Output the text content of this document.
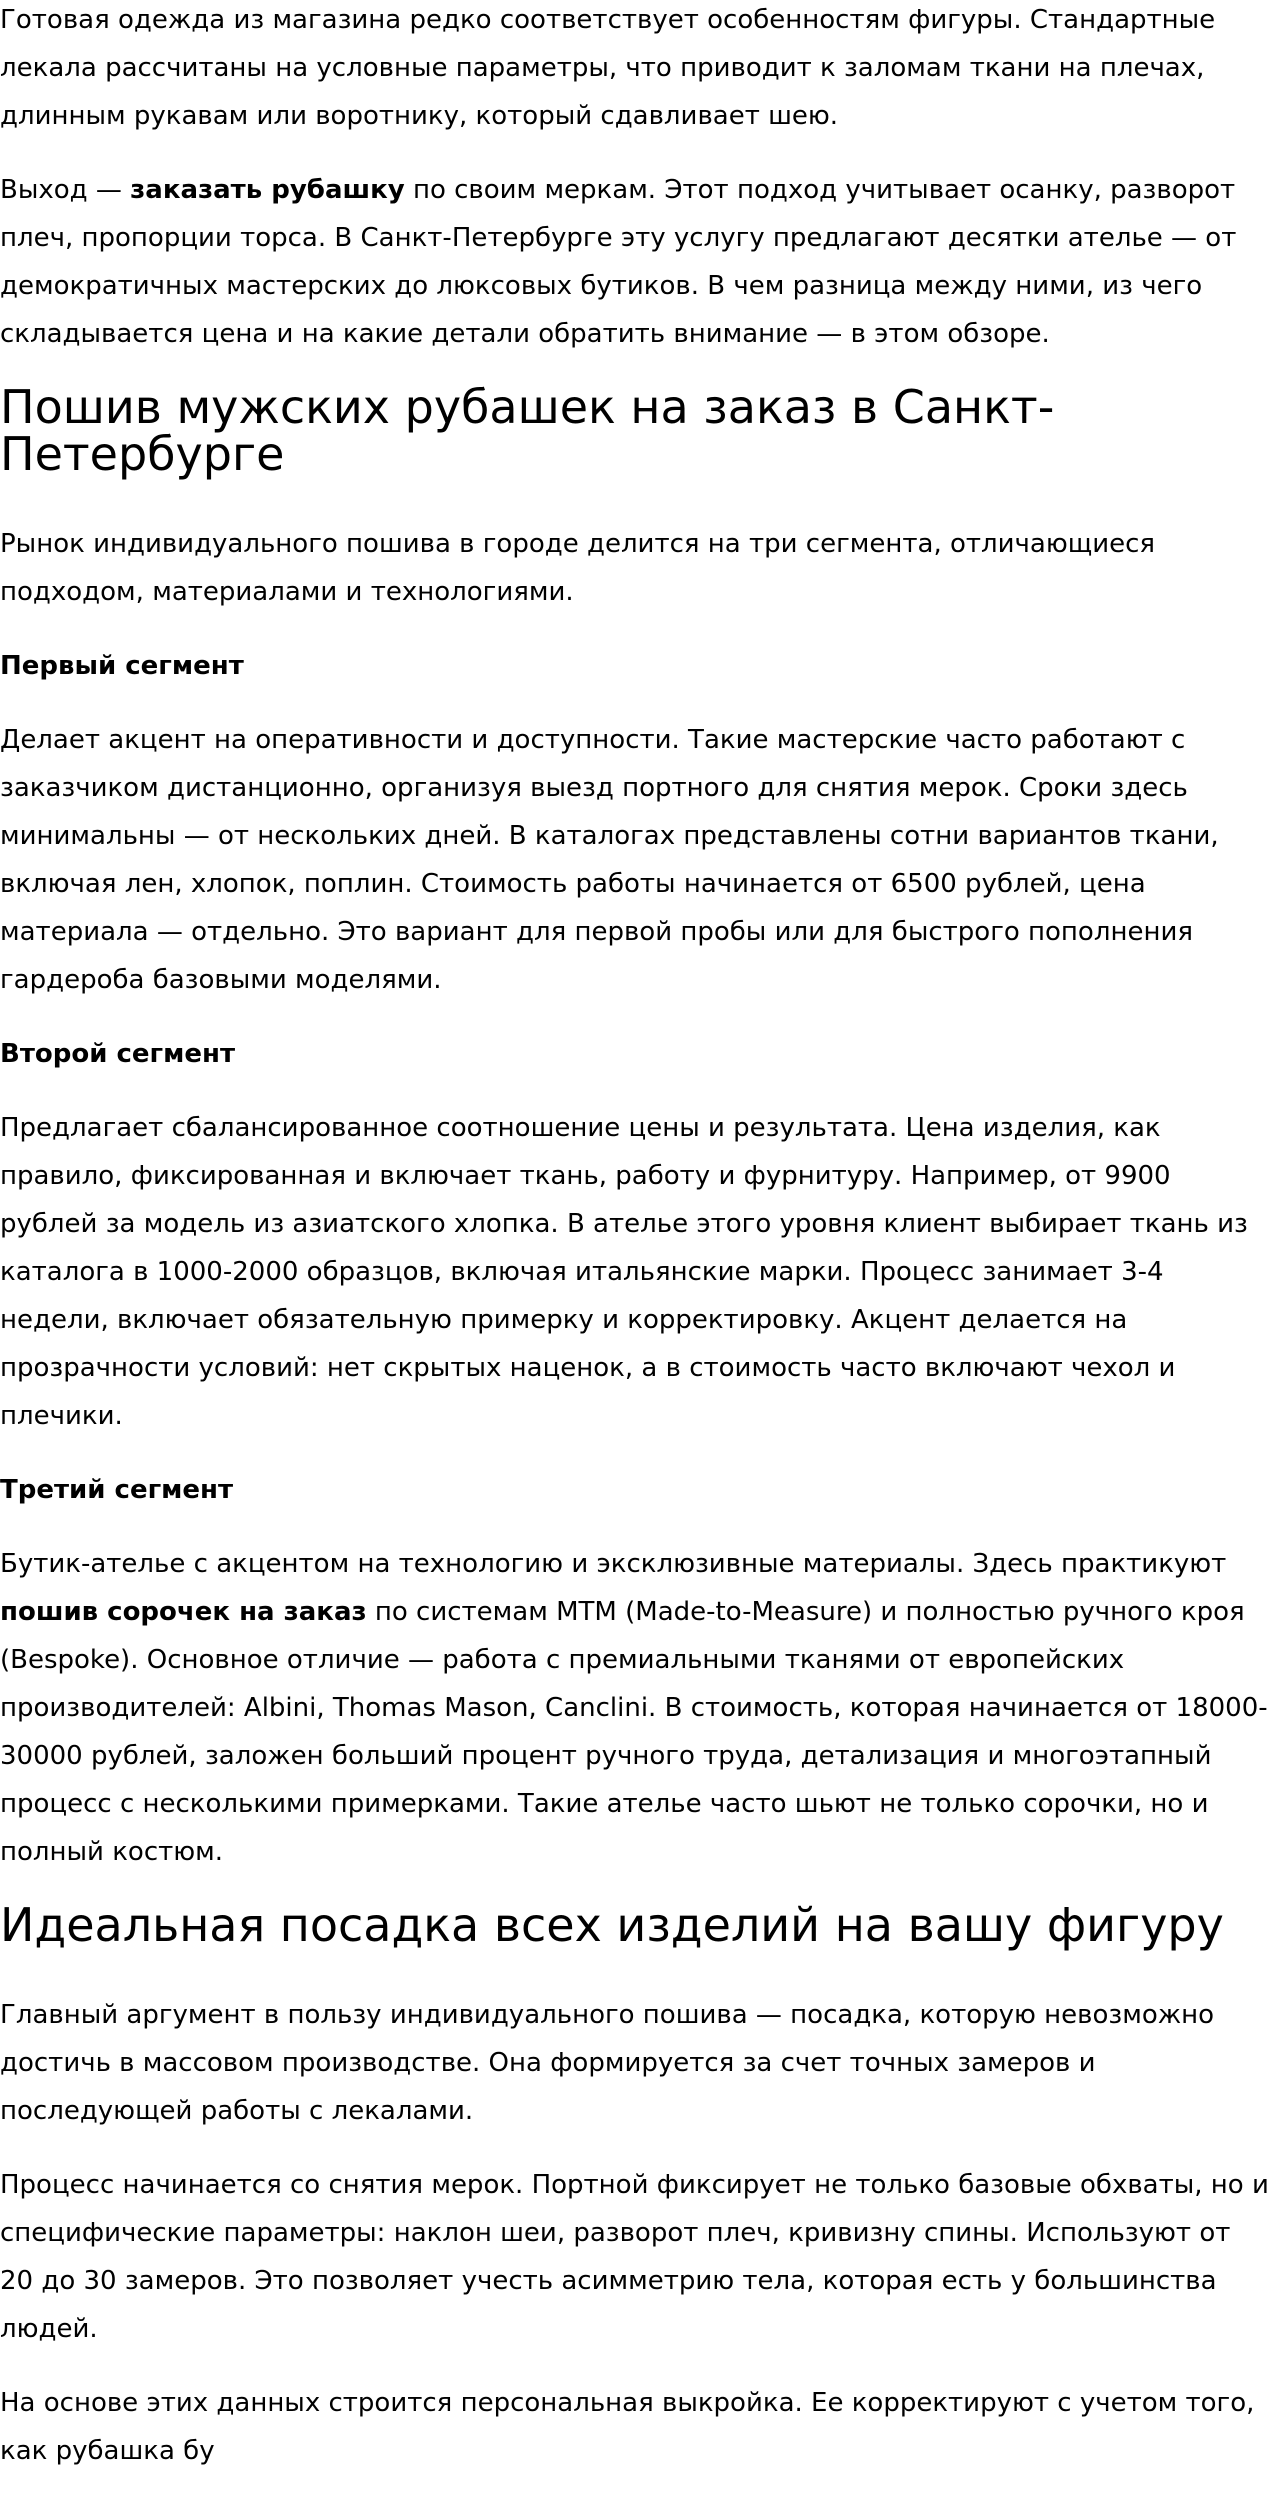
Готовая одежда из магазина редко соответствует особенностям фигуры. Стандартные лекала рассчитаны на условные параметры, что приводит к заломам ткани на плечах, длинным рукавам или воротнику, который сдавливает шею.

Выход — заказать рубашку по своим меркам. Этот подход учитывает осанку, разворот плеч, пропорции торса. В Санкт-Петербурге эту услугу предлагают десятки ателье — от демократичных мастерских до люксовых бутиков. В чем разница между ними, из чего складывается цена и на какие детали обратить внимание — в этом обзоре.

Пошив мужских рубашек на заказ в Санкт-Петербурге

Рынок индивидуального пошива в городе делится на три сегмента, отличающиеся подходом, материалами и технологиями.

Первый сегмент

Делает акцент на оперативности и доступности. Такие мастерские часто работают с заказчиком дистанционно, организуя выезд портного для снятия мерок. Сроки здесь минимальны — от нескольких дней. В каталогах представлены сотни вариантов ткани, включая лен, хлопок, поплин. Стоимость работы начинается от 6500 рублей, цена материала — отдельно. Это вариант для первой пробы или для быстрого пополнения гардероба базовыми моделями.

Второй сегмент

Предлагает сбалансированное соотношение цены и результата. Цена изделия, как правило, фиксированная и включает ткань, работу и фурнитуру. Например, от 9900 рублей за модель из азиатского хлопка. В ателье этого уровня клиент выбирает ткань из каталога в 1000-2000 образцов, включая итальянские марки. Процесс занимает 3-4 недели, включает обязательную примерку и корректировку. Акцент делается на прозрачности условий: нет скрытых наценок, а в стоимость часто включают чехол и плечики.

Третий сегмент

Бутик-ателье с акцентом на технологию и эксклюзивные материалы. Здесь практикуют пошив сорочек на заказ по системам МТМ (Made-to-Measure) и полностью ручного кроя (Bespoke). Основное отличие — работа с премиальными тканями от европейских производителей: Albini, Thomas Mason, Canclini. В стоимость, которая начинается от 18000-30000 рублей, заложен больший процент ручного труда, детализация и многоэтапный процесс с несколькими примерками. Такие ателье часто шьют не только сорочки, но и полный костюм.

Идеальная посадка всех изделий на вашу фигуру

Главный аргумент в пользу индивидуального пошива — посадка, которую невозможно достичь в массовом производстве. Она формируется за счет точных замеров и последующей работы с лекалами.

Процесс начинается со снятия мерок. Портной фиксирует не только базовые обхваты, но и специфические параметры: наклон шеи, разворот плеч, кривизну спины. Используют от 20 до 30 замеров. Это позволяет учесть асимметрию тела, которая есть у большинства людей.

На основе этих данных строится персональная выкройка. Ее корректируют с учетом того, как рубашка бу
